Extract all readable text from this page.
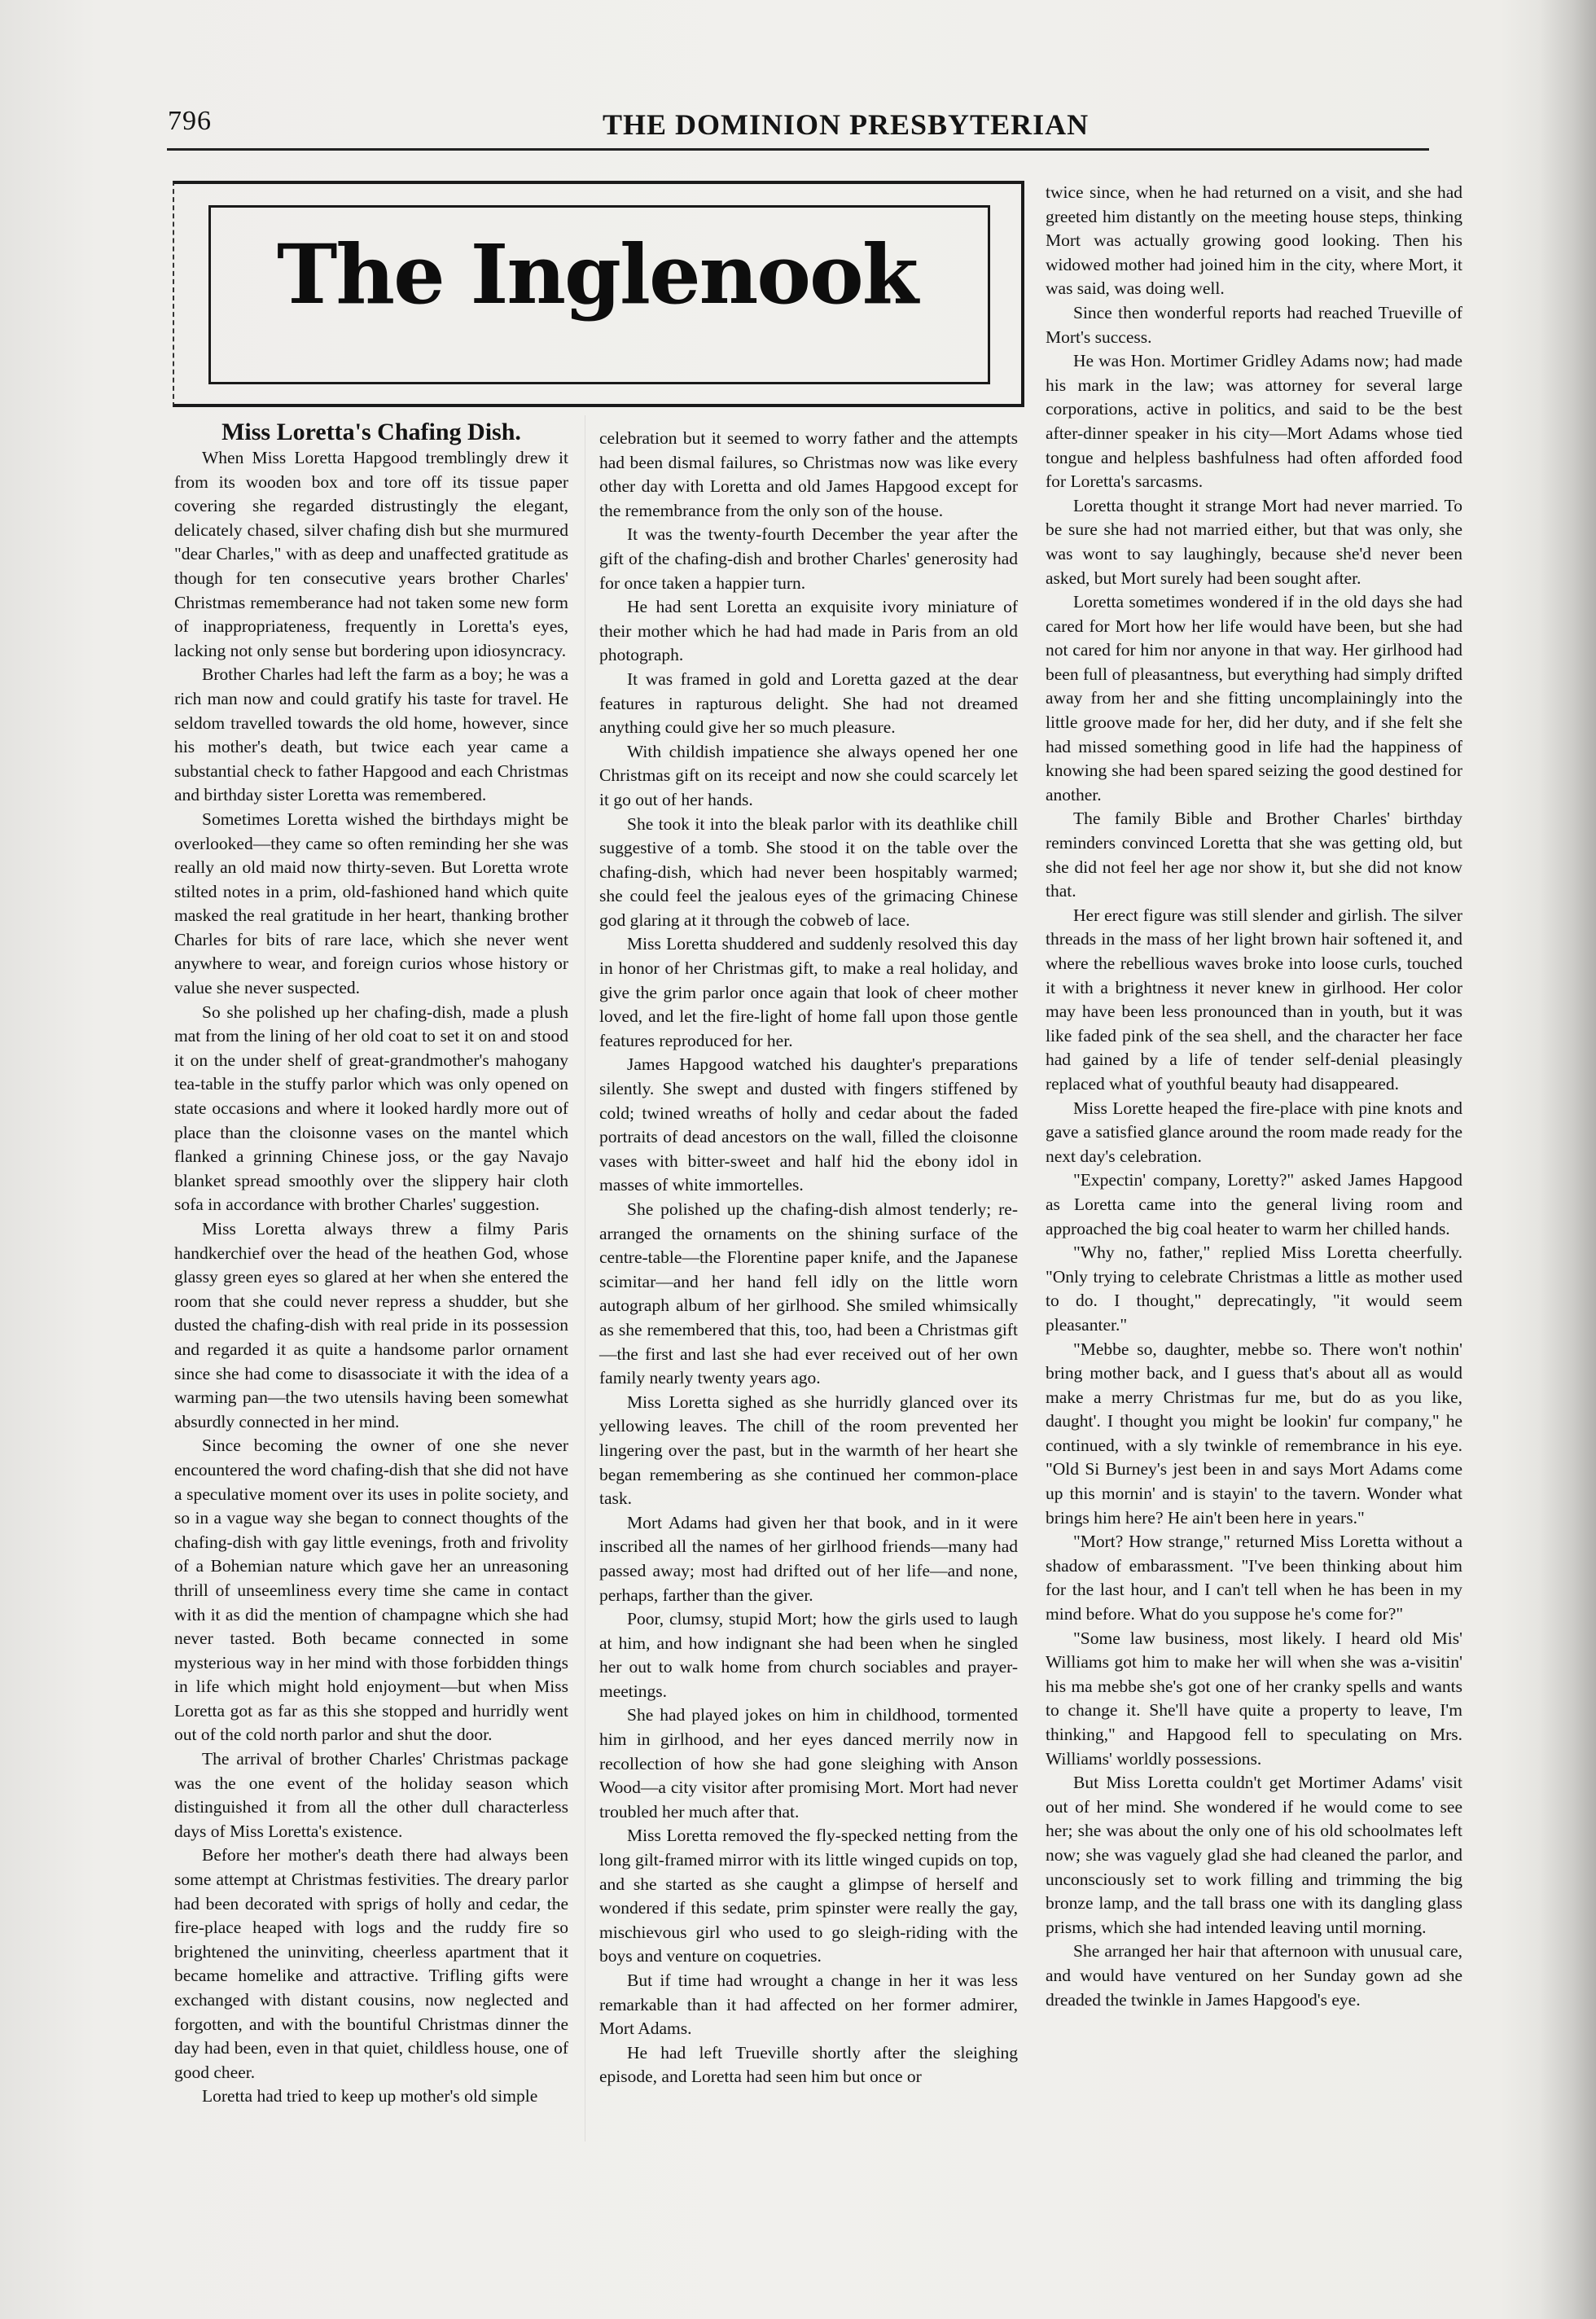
796	THE DOMINION PRESBYTERIAN
The Inglenook
Miss Loretta's Chafing Dish.

When Miss Loretta Hapgood tremblingly drew it from its wooden box and tore off its tissue paper covering she regarded distrustingly the elegant, delicately chased, silver chafing dish but she murmured "dear Charles," with as deep and unaffected gratitude as though for ten consecutive years brother Charles' Christmas rememberance had not taken some new form of inappropriateness, frequently in Loretta's eyes, lacking not only sense but bordering upon idiosyncracy.

Brother Charles had left the farm as a boy; he was a rich man now and could gratify his taste for travel. He seldom travelled towards the old home, however, since his mother's death, but twice each year came a substantial check to father Hapgood and each Christmas and birthday sister Loretta was remembered.

Sometimes Loretta wished the birthdays might be overlooked—they came so often reminding her she was really an old maid now thirty-seven. But Loretta wrote stilted notes in a prim, old-fashioned hand which quite masked the real gratitude in her heart, thanking brother Charles for bits of rare lace, which she never went anywhere to wear, and foreign curios whose history or value she never suspected.

So she polished up her chafing-dish, made a plush mat from the lining of her old coat to set it on and stood it on the under shelf of great-grandmother's mahogany tea-table in the stuffy parlor which was only opened on state occasions and where it looked hardly more out of place than the cloisonne vases on the mantel which flanked a grinning Chinese joss, or the gay Navajo blanket spread smoothly over the slippery hair cloth sofa in accordance with brother Charles' suggestion.

Miss Loretta always threw a filmy Paris handkerchief over the head of the heathen God, whose glassy green eyes so glared at her when she entered the room that she could never repress a shudder, but she dusted the chafing-dish with real pride in its possession and regarded it as quite a handsome parlor ornament since she had come to disassociate it with the idea of a warming pan—the two utensils having been somewhat absurdly connected in her mind.

Since becoming the owner of one she never encountered the word chafing-dish that she did not have a speculative moment over its uses in polite society, and so in a vague way she began to connect thoughts of the chafing-dish with gay little evenings, froth and frivolity of a Bohemian nature which gave her an unreasoning thrill of unseemliness every time she came in contact with it as did the mention of champagne which she had never tasted. Both became connected in some mysterious way in her mind with those forbidden things in life which might hold enjoyment—but when Miss Loretta got as far as this she stopped and hurridly went out of the cold north parlor and shut the door.

The arrival of brother Charles' Christmas package was the one event of the holiday season which distinguished it from all the other dull characterless days of Miss Loretta's existence.

Before her mother's death there had always been some attempt at Christmas festivities. The dreary parlor had been decorated with sprigs of holly and cedar, the fire-place heaped with logs and the ruddy fire so brightened the uninviting, cheerless apartment that it became homelike and attractive. Trifling gifts were exchanged with distant cousins, now neglected and forgotten, and with the bountiful Christmas dinner the day had been, even in that quiet, childless house, one of good cheer.

Loretta had tried to keep up mother's old simple

celebration but it seemed to worry father and the attempts had been dismal failures, so Christmas now was like every other day with Loretta and old James Hapgood except for the remembrance from the only son of the house.

It was the twenty-fourth December the year after the gift of the chafing-dish and brother Charles' generosity had for once taken a happier turn.

He had sent Loretta an exquisite ivory miniature of their mother which he had had made in Paris from an old photograph.

It was framed in gold and Loretta gazed at the dear features in rapturous delight. She had not dreamed anything could give her so much pleasure.

With childish impatience she always opened her one Christmas gift on its receipt and now she could scarcely let it go out of her hands.

She took it into the bleak parlor with its deathlike chill suggestive of a tomb. She stood it on the table over the chafing-dish, which had never been hospitably warmed; she could feel the jealous eyes of the grimacing Chinese god glaring at it through the cobweb of lace.

Miss Loretta shuddered and suddenly resolved this day in honor of her Christmas gift, to make a real holiday, and give the grim parlor once again that look of cheer mother loved, and let the fire-light of home fall upon those gentle features reproduced for her.

James Hapgood watched his daughter's preparations silently. She swept and dusted with fingers stiffened by cold; twined wreaths of holly and cedar about the faded portraits of dead ancestors on the wall, filled the cloisonne vases with bitter-sweet and half hid the ebony idol in masses of white immortelles.

She polished up the chafing-dish almost tenderly; re-arranged the ornaments on the shining surface of the centre-table—the Florentine paper knife, and the Japanese scimitar—and her hand fell idly on the little worn autograph album of her girlhood. She smiled whimsically as she remembered that this, too, had been a Christmas gift—the first and last she had ever received out of her own family nearly twenty years ago.

Miss Loretta sighed as she hurridly glanced over its yellowing leaves. The chill of the room prevented her lingering over the past, but in the warmth of her heart she began remembering as she continued her common-place task.

Mort Adams had given her that book, and in it were inscribed all the names of her girlhood friends—many had passed away; most had drifted out of her life—and none, perhaps, farther than the giver.

Poor, clumsy, stupid Mort; how the girls used to laugh at him, and how indignant she had been when he singled her out to walk home from church sociables and prayer-meetings.

She had played jokes on him in childhood, tormented him in girlhood, and her eyes danced merrily now in recollection of how she had gone sleighing with Anson Wood—a city visitor after promising Mort. Mort had never troubled her much after that.

Miss Loretta removed the fly-specked netting from the long gilt-framed mirror with its little winged cupids on top, and she started as she caught a glimpse of herself and wondered if this sedate, prim spinster were really the gay, mischievous girl who used to go sleigh-riding with the boys and venture on coquetries.

But if time had wrought a change in her it was less remarkable than it had affected on her former admirer, Mort Adams.

He had left Trueville shortly after the sleighing episode, and Loretta had seen him but once or

twice since, when he had returned on a visit, and she had greeted him distantly on the meeting house steps, thinking Mort was actually growing good looking. Then his widowed mother had joined him in the city, where Mort, it was said, was doing well.

Since then wonderful reports had reached Trueville of Mort's success.

He was Hon. Mortimer Gridley Adams now; had made his mark in the law; was attorney for several large corporations, active in politics, and said to be the best after-dinner speaker in his city—Mort Adams whose tied tongue and helpless bashfulness had often afforded food for Loretta's sarcasms.

Loretta thought it strange Mort had never married. To be sure she had not married either, but that was only, she was wont to say laughingly, because she'd never been asked, but Mort surely had been sought after.

Loretta sometimes wondered if in the old days she had cared for Mort how her life would have been, but she had not cared for him nor anyone in that way. Her girlhood had been full of pleasantness, but everything had simply drifted away from her and she fitting uncomplainingly into the little groove made for her, did her duty, and if she felt she had missed something good in life had the happiness of knowing she had been spared seizing the good destined for another.

The family Bible and Brother Charles' birthday reminders convinced Loretta that she was getting old, but she did not feel her age nor show it, but she did not know that.

Her erect figure was still slender and girlish. The silver threads in the mass of her light brown hair softened it, and where the rebellious waves broke into loose curls, touched it with a brightness it never knew in girlhood. Her color may have been less pronounced than in youth, but it was like faded pink of the sea shell, and the character her face had gained by a life of tender self-denial pleasingly replaced what of youthful beauty had disappeared.

Miss Lorette heaped the fire-place with pine knots and gave a satisfied glance around the room made ready for the next day's celebration.

"Expectin' company, Loretty?" asked James Hapgood as Loretta came into the general living room and approached the big coal heater to warm her chilled hands.

"Why no, father," replied Miss Loretta cheerfully. "Only trying to celebrate Christmas a little as mother used to do. I thought," deprecatingly, "it would seem pleasanter."

"Mebbe so, daughter, mebbe so. There won't nothin' bring mother back, and I guess that's about all as would make a merry Christmas fur me, but do as you like, daught'. I thought you might be lookin' fur company," he continued, with a sly twinkle of remembrance in his eye. "Old Si Burney's jest been in and says Mort Adams come up this mornin' and is stayin' to the tavern. Wonder what brings him here? He ain't been here in years."

"Mort? How strange," returned Miss Loretta without a shadow of embarassment. "I've been thinking about him for the last hour, and I can't tell when he has been in my mind before. What do you suppose he's come for?"

"Some law business, most likely. I heard old Mis' Williams got him to make her will when she was a-visitin' his ma mebbe she's got one of her cranky spells and wants to change it. She'll have quite a property to leave, I'm thinking," and Hapgood fell to speculating on Mrs. Williams' worldly possessions.

But Miss Loretta couldn't get Mortimer Adams' visit out of her mind. She wondered if he would come to see her; she was about the only one of his old schoolmates left now; she was vaguely glad she had cleaned the parlor, and unconsciously set to work filling and trimming the big bronze lamp, and the tall brass one with its dangling glass prisms, which she had intended leaving until morning.

She arranged her hair that afternoon with unusual care, and would have ventured on her Sunday gown ad she dreaded the twinkle in James Hapgood's eye.
